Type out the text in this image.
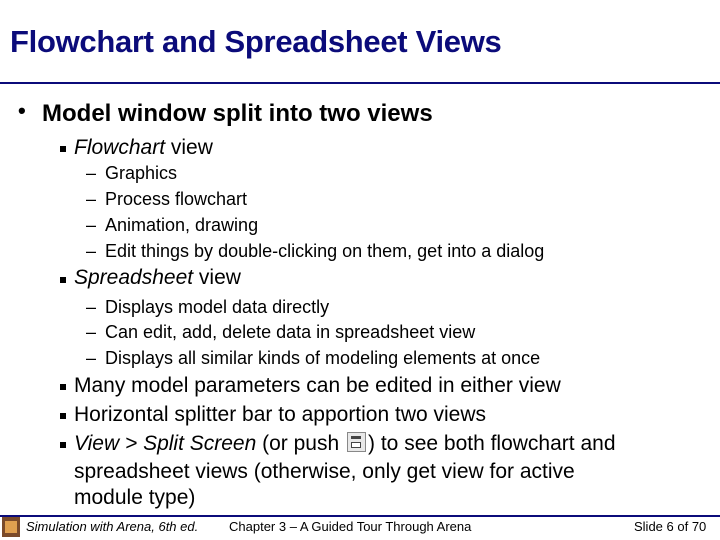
Flowchart and Spreadsheet Views
• Model window split into two views
Flowchart view
– Graphics
– Process flowchart
– Animation, drawing
– Edit things by double-clicking on them, get into a dialog
Spreadsheet view
– Displays model data directly
– Can edit, add, delete data in spreadsheet view
– Displays all similar kinds of modeling elements at once
Many model parameters can be edited in either view
Horizontal splitter bar to apportion two views
View > Split Screen (or push ) to see both flowchart and
spreadsheet views (otherwise, only get view for active
module type)
Simulation with Arena, 6th ed. Chapter 3 – A Guided Tour Through Arena	Slide 6 of 70
